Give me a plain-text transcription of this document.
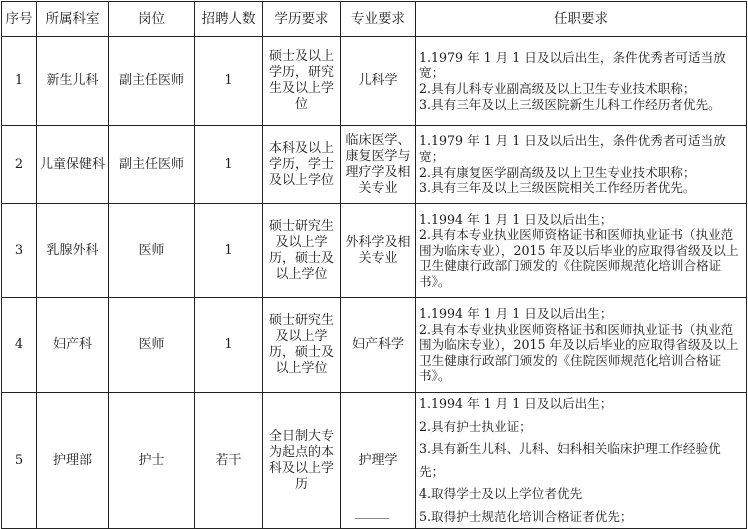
序号	所属科室	岗位	招聘人数	学历要求	专业要求	任职要求
1	新生儿科	副主任医师	1	硕士及以上学历，研究生及以上学位	儿科学	1.1979 年 1 月 1 日及以后出生，条件优秀者可适当放宽；
2.具有儿科专业副高级及以上卫生专业技术职称；
3.具有三年及以上三级医院新生儿科工作经历者优先。

2	儿童保健科	副主任医师	1	本科及以上学历，学士及以上学位	临床医学、康复医学与理疗学及相关专业	1.1979 年 1 月 1 日及以后出生，条件优秀者可适当放宽；
2.具有康复医学副高级及以上卫生专业技术职称；
3.具有三年及以上三级医院相关工作经历者优先。

3	乳腺外科	医师	1	硕士研究生及以上学历，硕士及以上学位	外科学及相关专业	1.1994 年 1 月 1 日及以后出生；
2.具有本专业执业医师资格证书和医师执业证书（执业范围为临床专业），2015 年及以后毕业的应取得省级及以上卫生健康行政部门颁发的《住院医师规范化培训合格证书》。

4	妇产科	医师	1	硕士研究生及以上学历，硕士及以上学位	妇产科学	1.1994 年 1 月 1 日及以后出生；
2.具有本专业执业医师资格证书和医师执业证书（执业范围为临床专业），2015 年及以后毕业的应取得省级及以上卫生健康行政部门颁发的《住院医师规范化培训合格证书》。

5	护理部	护士	若干	全日制大专为起点的本科及以上学历	护理学	1.1994 年 1 月 1 日及以后出生；
2.具有护士执业证；
3.具有新生儿科、儿科、妇科相关临床护理工作经验优先；
4.取得学士及以上学位者优先
5.取得护士规范化培训合格证者优先；
